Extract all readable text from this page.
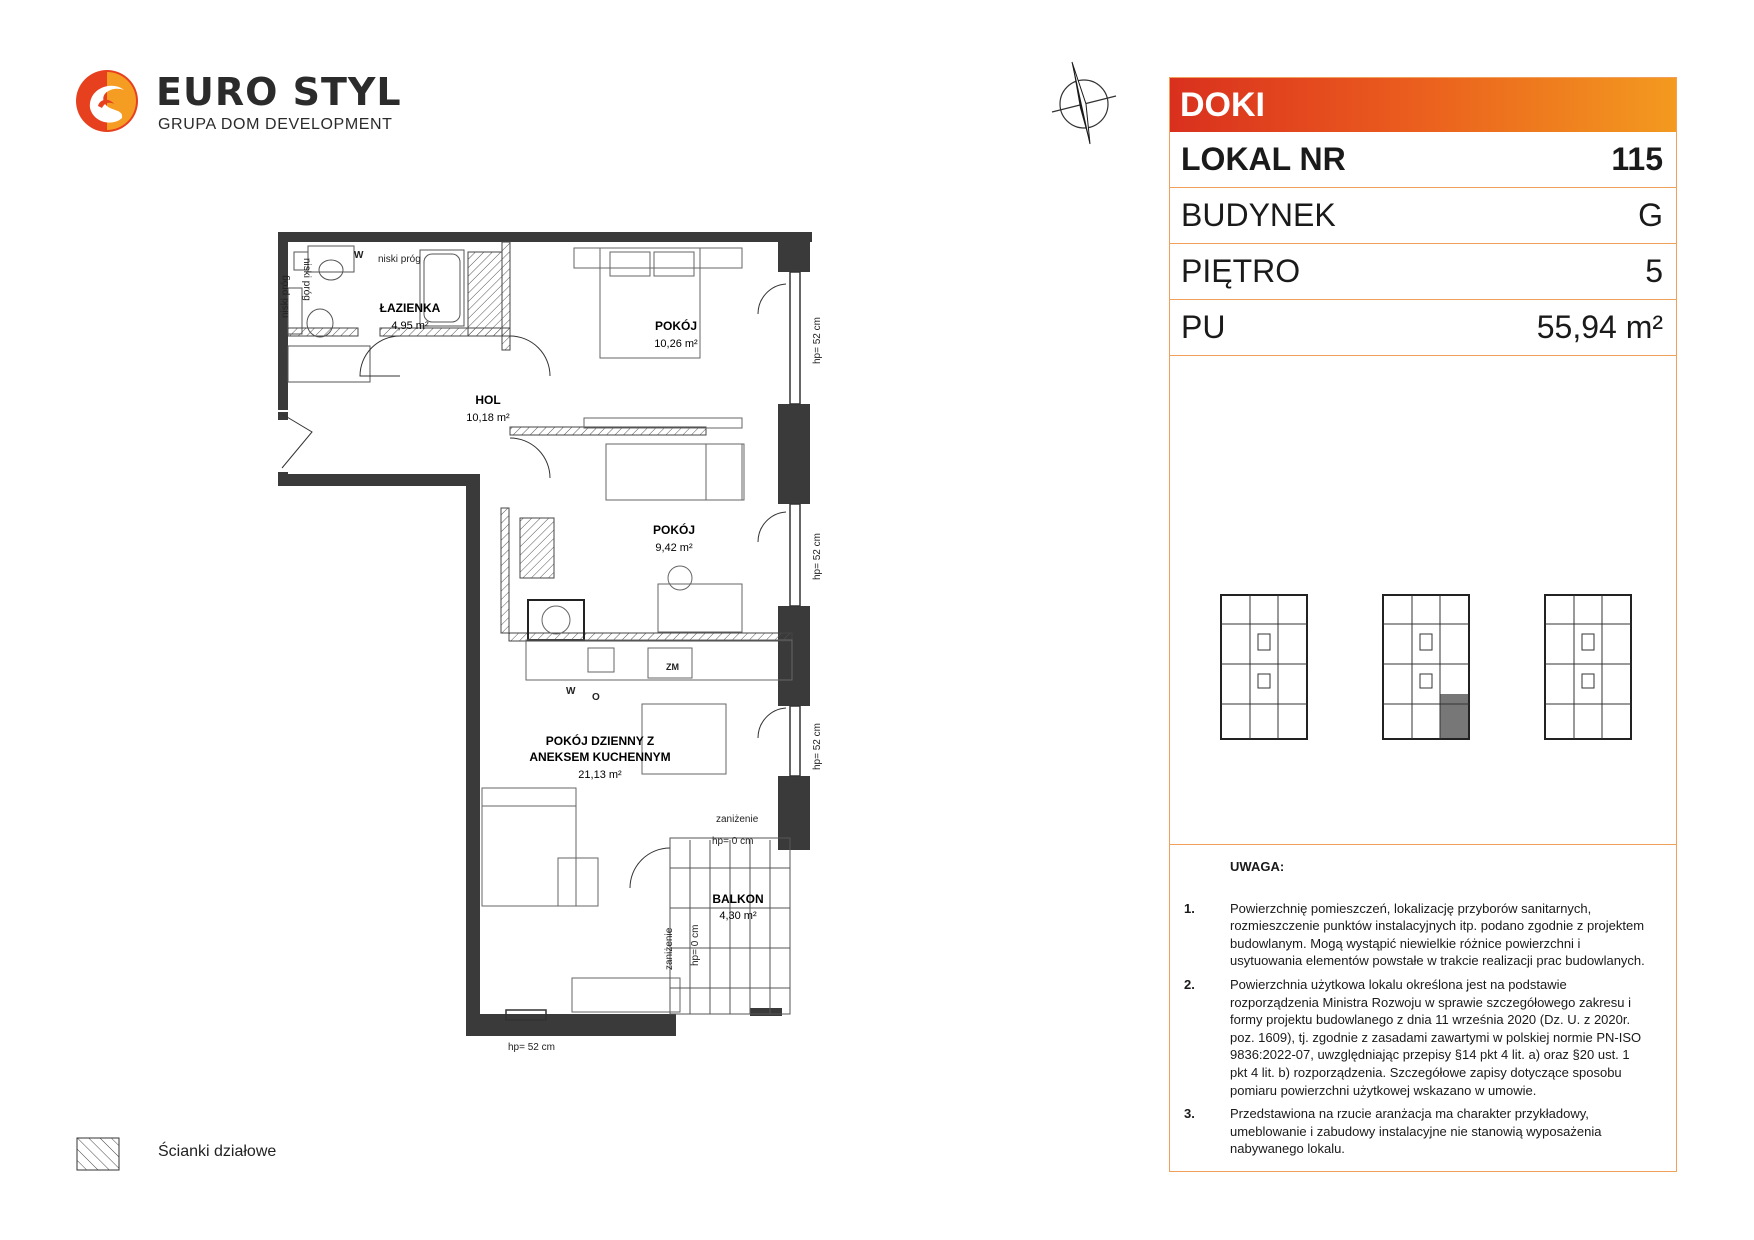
EURO STYL
GRUPA DOM DEVELOPMENT
ŁAZIENKA
4,95 m²
HOL
10,18 m²
POKÓJ
10,26 m²
POKÓJ
9,42 m²
POKÓJ DZIENNY Z
ANEKSEM KUCHENNYM
21,13 m²
BALKON
4,30 m²
niski próg
niski próg
niski próg
hp= 52 cm
hp= 52 cm
hp= 52 cm
hp= 52 cm
hp= 0 cm
hp= 0 cm
zaniżenie
zaniżenie
W
W
O
ZM
Ścianki działowe
DOKI
LOKAL NR	115
BUDYNEK	G
PIĘTRO	5
PU	55,94 m²
UWAGA:
1.	Powierzchnię pomieszczeń, lokalizację przyborów sanitarnych, rozmieszczenie punktów instalacyjnych itp. podano zgodnie z projektem budowlanym. Mogą wystąpić niewielkie różnice powierzchni i usytuowania elementów powstałe w trakcie realizacji prac budowlanych.
2.	Powierzchnia użytkowa lokalu określona jest na podstawie rozporządzenia Ministra Rozwoju w sprawie szczegółowego zakresu i formy projektu budowlanego z dnia 11 września 2020 (Dz. U. z 2020r. poz. 1609), tj. zgodnie z zasadami zawartymi w polskiej normie PN-ISO 9836:2022-07, uwzględniając przepisy §14 pkt 4 lit. a) oraz §20 ust. 1 pkt 4 lit. b) rozporządzenia. Szczegółowe zapisy dotyczące sposobu pomiaru powierzchni użytkowej wskazano w umowie.
3.	Przedstawiona na rzucie aranżacja ma charakter przykładowy, umeblowanie i zabudowy instalacyjne nie stanowią wyposażenia nabywanego lokalu.
